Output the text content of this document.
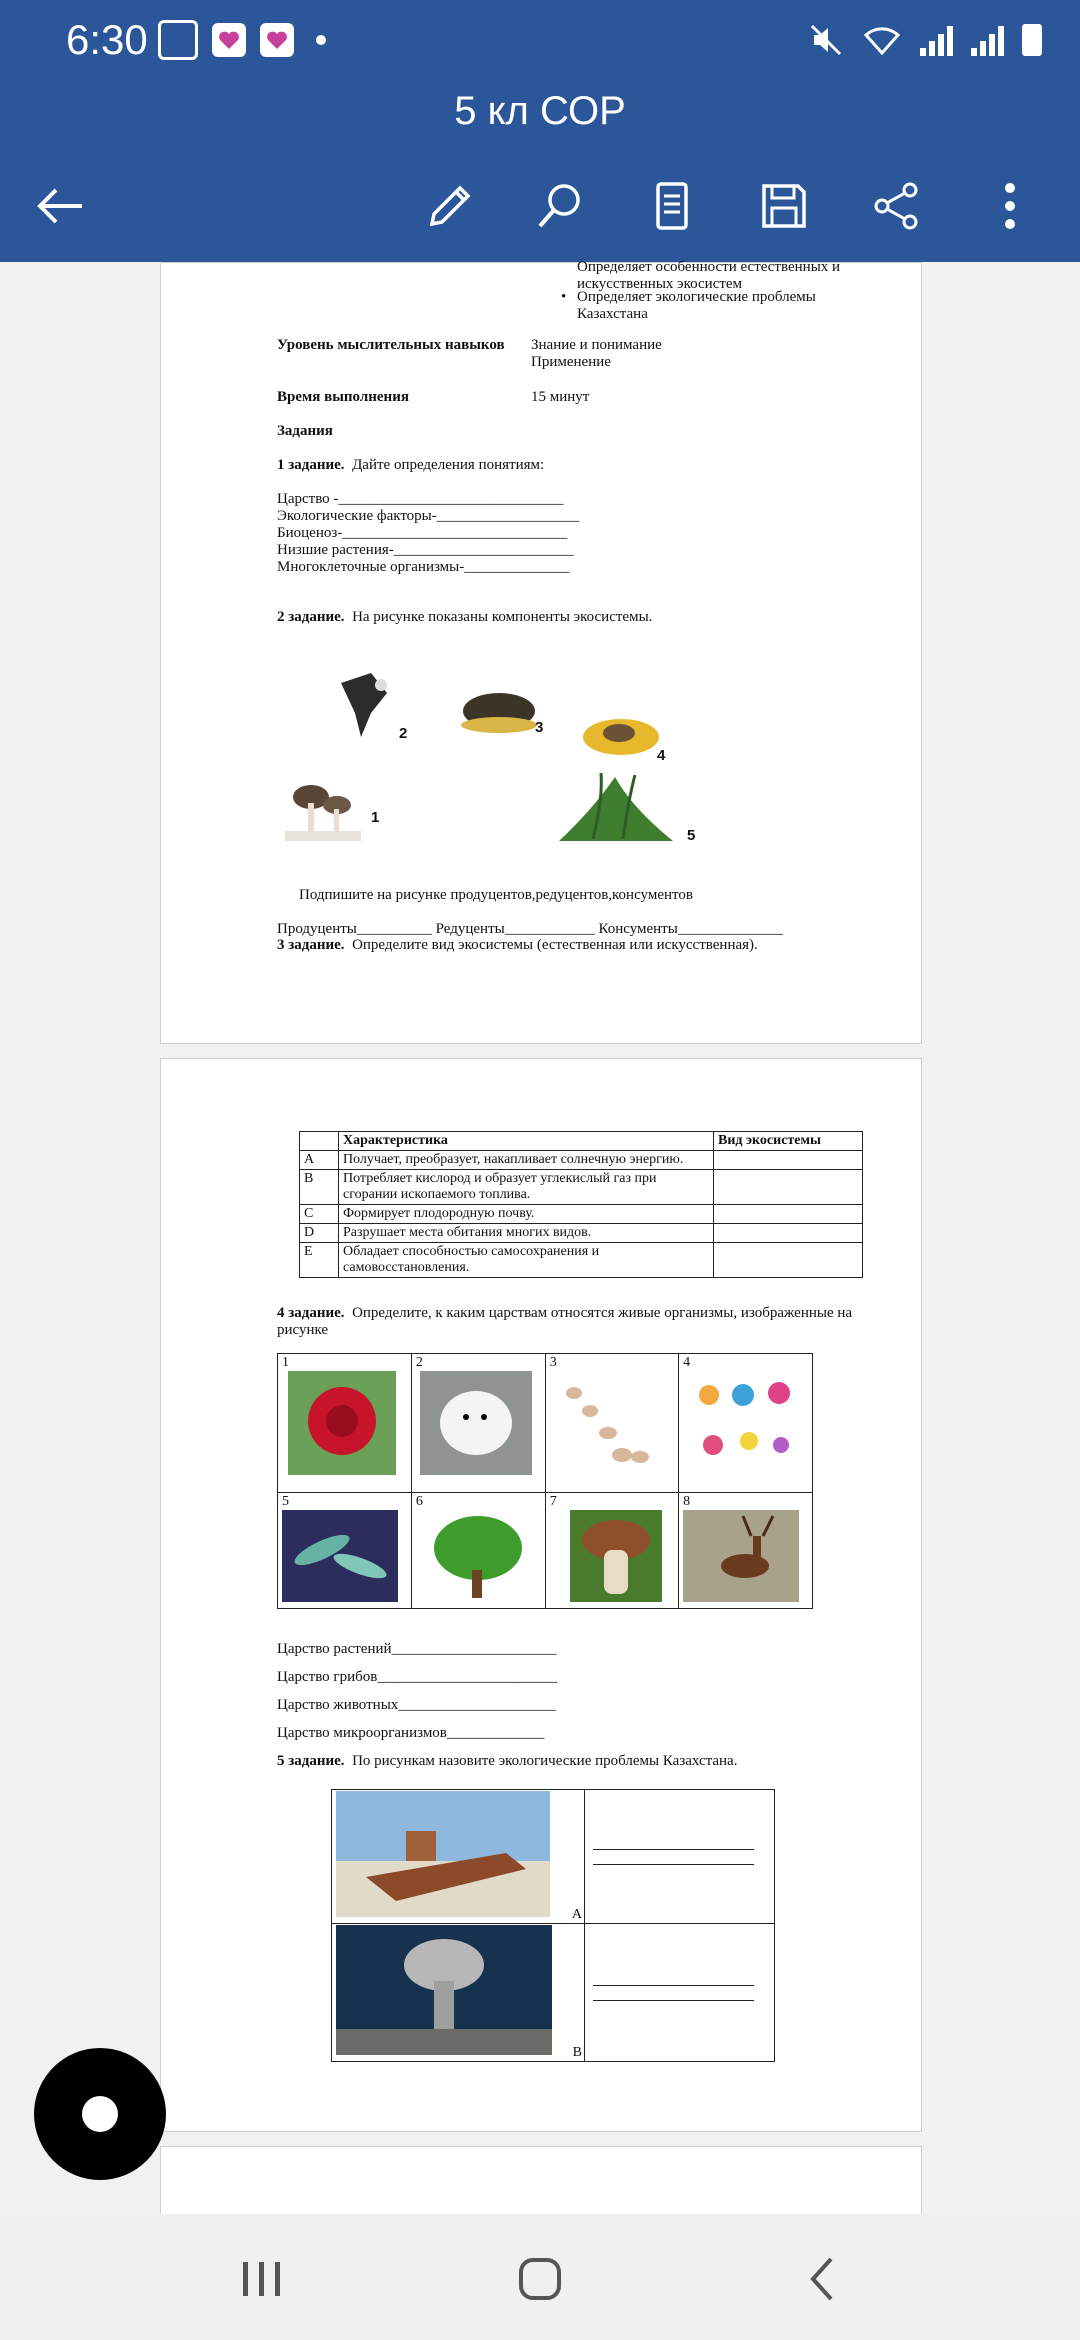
6:30
5 кл СОР
Определяет особенности естественных и искусственных экосистем
• Определяет экологические проблемы Казахстана
Уровень мыслительных навыков Знание и понимание
Применение
Время выполнения	15 минут
Задания
1 задание. Дайте определения понятиям:
Царство -______________________________
Экологические факторы-___________________
Биоценоз-______________________________
Низшие растения-________________________
Многоклеточные организмы-______________
2 задание. На рисунке показаны компоненты экосистемы.
2	3
4
1
5
Подпишите на рисунке продуцентов,редуцентов,консументов
Продуценты__________ Редуценты____________ Консументы______________
3 задание. Определите вид экосистемы (естественная или искусственная).
	Характеристика	Вид экосистемы
A	Получает, преобразует, накапливает солнечную энергию.	
B	Потребляет кислород и образует углекислый газ при сгорании ископаемого топлива.	
C	Формирует плодородную почву.	
D	Разрушает места обитания многих видов.	
E	Обладает способностью самосохранения и самовосстановления.	
4 задание. Определите, к каким царствам относятся живые организмы, изображенные на рисунке
1	2	3	4

5	6	7	8
Царство растений______________________
Царство грибов________________________
Царство животных_____________________
Царство микроорганизмов_____________
5 задание. По рисункам назовите экологические проблемы Казахстана.
A	

B	
